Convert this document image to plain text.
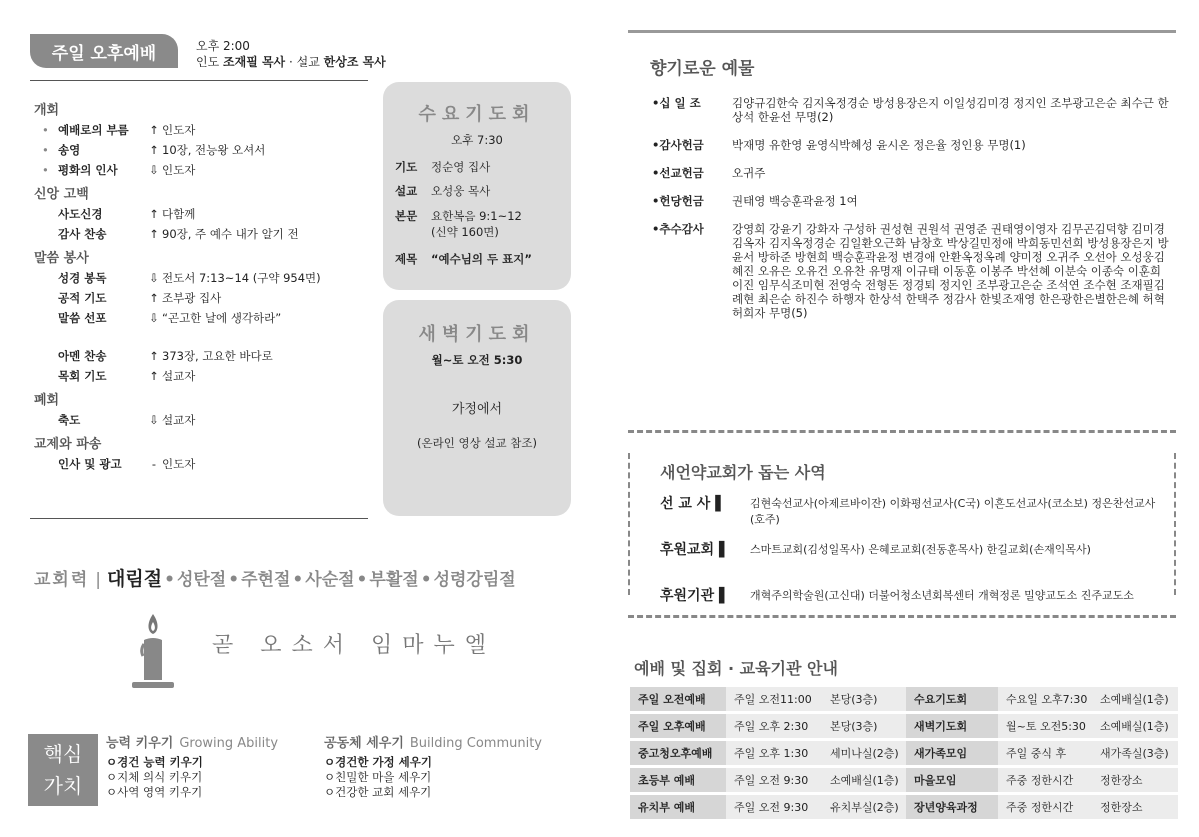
주일 오후예배	오후 2:00
인도 조재필 목사 · 설교 한상조 목사
개회
• 예배로의 부름	↑ 인도자
• 송영	↑ 10장, 전능왕 오셔서
• 평화의 인사	⇩ 인도자
신앙 고백
사도신경	↑ 다함께
감사 찬송	↑ 90장, 주 예수 내가 알기 전
말씀 봉사
성경 봉독	⇩ 전도서 7:13~14 (구약 954면)
공적 기도	↑ 조부광 집사
말씀 선포	⇩ “곤고한 날에 생각하라”
아멘 찬송	↑ 373장, 고요한 바다로
목회 기도	↑ 설교자
폐회
축도	⇩ 설교자
교제와 파송
인사 및 광고	- 인도자
수요기도회
오후 7:30
기도	정순영 집사
설교	오성웅 목사
본문	요한복음 9:1~12
(신약 160면)
제목	“예수님의 두 표지”
새벽기도회
월~토 오전 5:30
가정에서
(온라인 영상 설교 참조)
교회력 | 대림절 • 성탄절 • 주현절 • 사순절 • 부활절 • 성령강림절
곧 오소서 임마누엘
핵심
가치
능력 키우기 Growing Ability
ㅇ경건 능력 키우기
ㅇ지체 의식 키우기
ㅇ사역 영역 키우기
공동체 세우기 Building Community
ㅇ경건한 가정 세우기
ㅇ친밀한 마을 세우기
ㅇ건강한 교회 세우기
향기로운 예물
•십 일 조	김양규김한숙 김지옥정경순 방성용장은지 이일성김미경 정지인 조부광고은순 최수근 한상석 한윤선 무명(2)
•감사헌금	박재명 유한영 윤영식박혜성 윤시온 정은율 정인용 무명(1)
•선교헌금	오귀주
•헌당헌금	권태영 백승훈곽윤정 1여
•추수감사	강영희 강윤기 강화자 구성하 권성현 권원석 권영준 권태영이영자 김무곤김덕향 김미경 김옥자 김지옥정경순 김일환오근화 남창호 박상길민정애 박희동민선희 방성용장은지 방윤서 방하준 방현희 백승훈곽윤정 변경애 안환옥정옥례 양미정 오귀주 오선아 오성웅김혜진 오유은 오유건 오유찬 유명재 이규태 이동훈 이봉주 박선혜 이분숙 이종숙 이훈희이진 임무식조미현 전영숙 전형돈 정경퇴 정지인 조부광고은순 조석연 조수현 조재필김례현 최은순 하진수 하행자 한상석 한택주 정감사 한빛조재영 한은광한은별한은혜 허혁 허희자 무명(5)
새언약교회가 돕는 사역
선 교 사 ▌	김현숙선교사(아제르바이잔) 이화평선교사(C국) 이흔도선교사(코소보) 정은찬선교사(호주)
후원교회 ▌	스마트교회(김성일목사) 은혜로교회(전동훈목사) 한길교회(손재익목사)
후원기관 ▌	개혁주의학술원(고신대) 더불어청소년회복센터 개혁정론 밀양교도소 진주교도소
예배 및 집회 · 교육기관 안내
주일 오전예배	주일 오전11:00	본당(3층)	수요기도회	수요일 오후7:30	소예배실(1층)
주일 오후예배	주일 오후 2:30	본당(3층)	새벽기도회	월~토 오전5:30	소예배실(1층)
중고청오후예배	주일 오후 1:30	세미나실(2층)	새가족모임	주일 중식 후	새가족실(3층)
초등부 예배	주일 오전 9:30	소예배실(1층)	마을모임	주중 정한시간	정한장소
유치부 예배	주일 오전 9:30	유치부실(2층)	장년양육과정	주중 정한시간	정한장소
